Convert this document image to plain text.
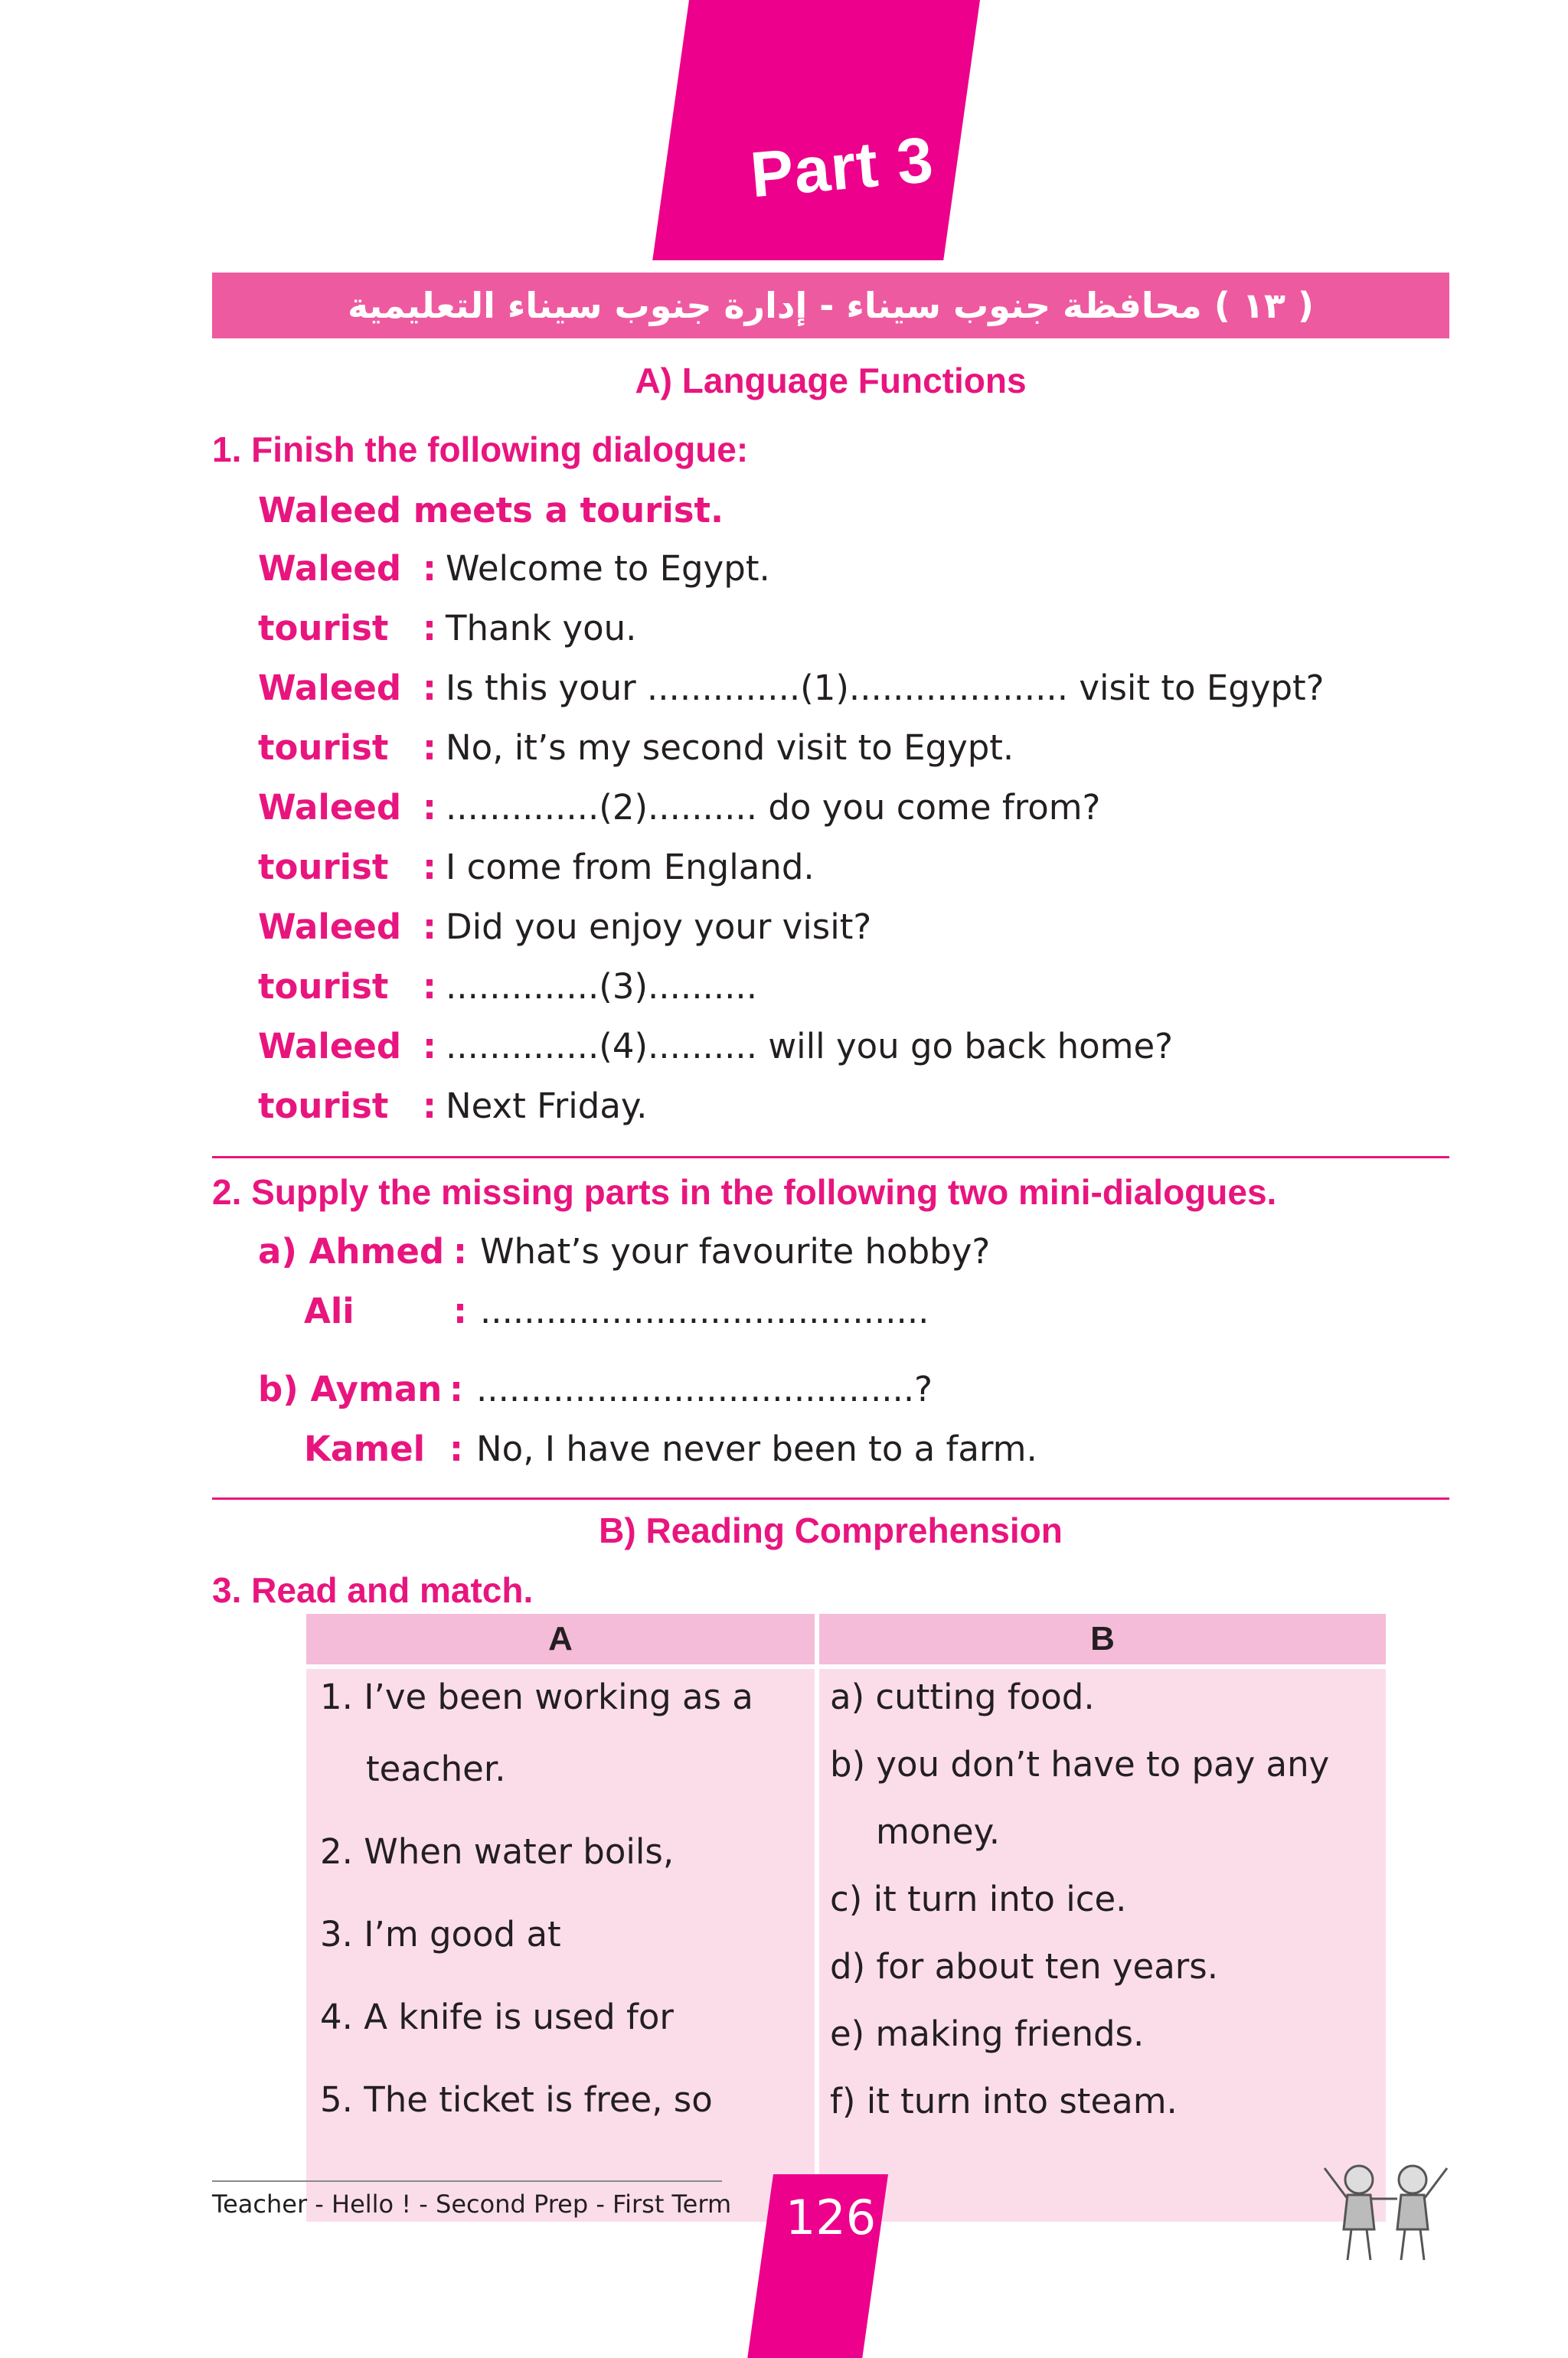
Part 3
( ١٣ ) محافظة جنوب سيناء - إدارة جنوب سيناء التعليمية
A) Language Functions
1. Finish the following dialogue:
Waleed meets a tourist.
Waleed : Welcome to Egypt.
tourist : Thank you.
Waleed : Is this your ..............(1).................... visit to Egypt?
tourist : No, it’s my second visit to Egypt.
Waleed : ..............(2).......... do you come from?
tourist : I come from England.
Waleed : Did you enjoy your visit?
tourist : ..............(3)..........
Waleed : ..............(4).......... will you go back home?
tourist : Next Friday.
2. Supply the missing parts in the following two mini-dialogues.
a) Ahmed : What’s your favourite hobby?
Ali	: .........................................
b) Ayman : ........................................?
Kamel : No, I have never been to a farm.
B) Reading Comprehension
3. Read and match.
A	B
1. I’ve been working as a
teacher.
2. When water boils,
3. I’m good at
4. A knife is used for
5. The ticket is free, so
a) cutting food.
b) you don’t have to pay any
money.
c) it turn into ice.
d) for about ten years.
e) making friends.
f) it turn into steam.
Teacher - Hello ! - Second Prep - First Term 126
